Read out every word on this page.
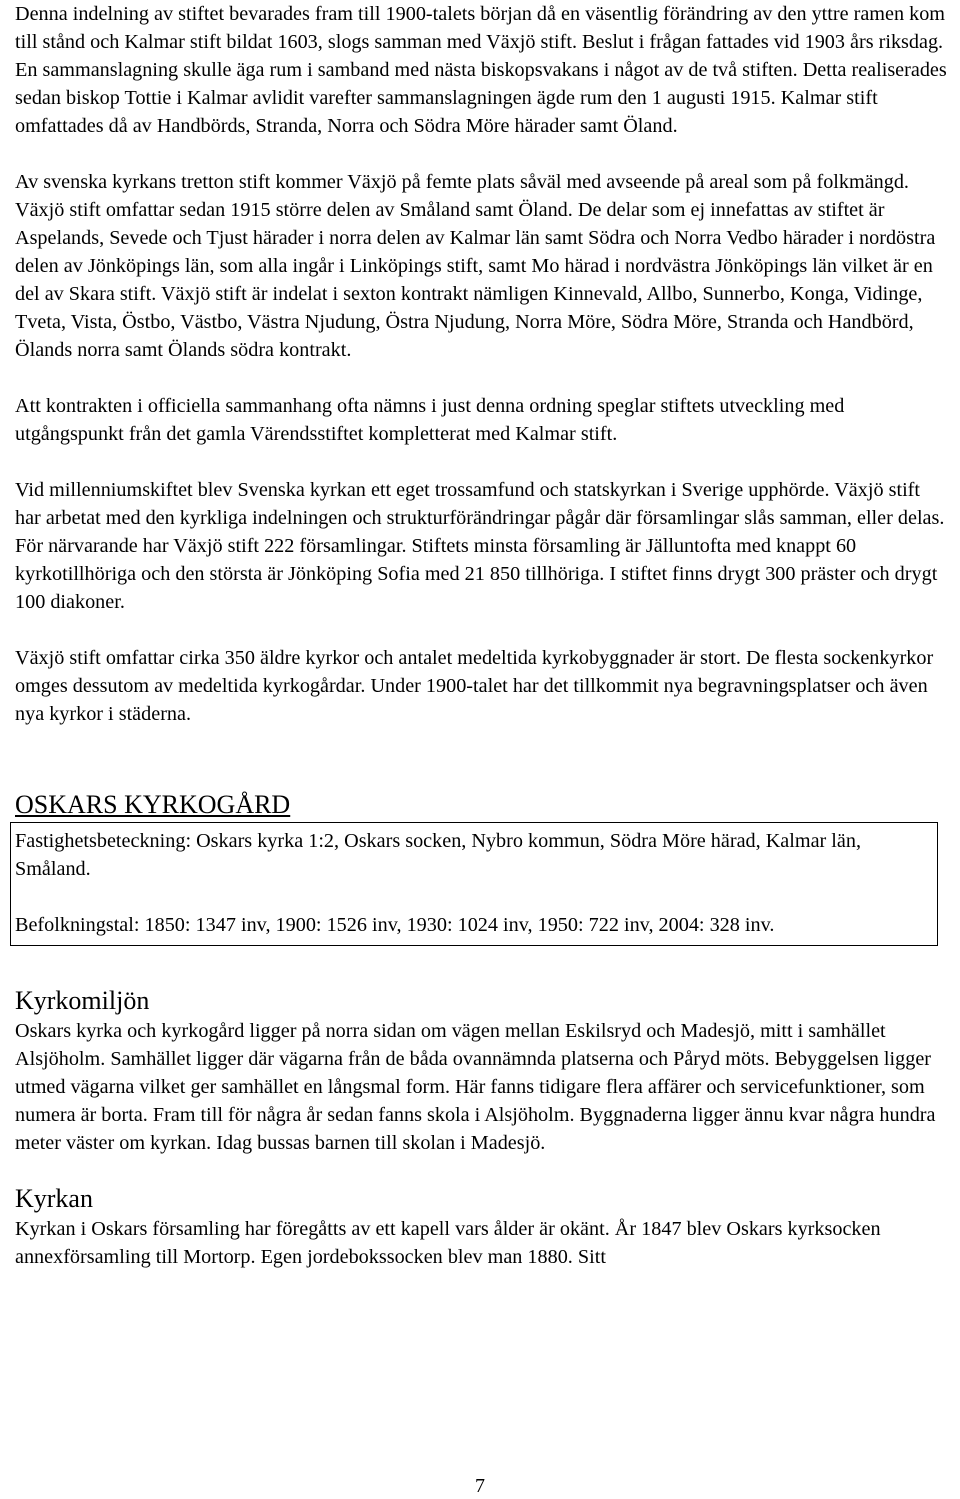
Denna indelning av stiftet bevarades fram till 1900-talets början då en väsentlig förändring av den yttre ramen kom till stånd och Kalmar stift bildat 1603, slogs samman med Växjö stift. Beslut i frågan fattades vid 1903 års riksdag. En sammanslagning skulle äga rum i samband med nästa biskopsvakans i något av de två stiften. Detta realiserades sedan biskop Tottie i Kalmar avlidit varefter sammanslagningen ägde rum den 1 augusti 1915. Kalmar stift omfattades då av Handbörds, Stranda, Norra och Södra Möre härader samt Öland.

Av svenska kyrkans tretton stift kommer Växjö på femte plats såväl med avseende på areal som på folkmängd. Växjö stift omfattar sedan 1915 större delen av Småland samt Öland. De delar som ej innefattas av stiftet är Aspelands, Sevede och Tjust härader i norra delen av Kalmar län samt Södra och Norra Vedbo härader i nordöstra delen av Jönköpings län, som alla ingår i Linköpings stift, samt Mo härad i nordvästra Jönköpings län vilket är en del av Skara stift. Växjö stift är indelat i sexton kontrakt nämligen Kinnevald, Allbo, Sunnerbo, Konga, Vidinge, Tveta, Vista, Östbo, Västbo, Västra Njudung, Östra Njudung, Norra Möre, Södra Möre, Stranda och Handbörd, Ölands norra samt Ölands södra kontrakt.

Att kontrakten i officiella sammanhang ofta nämns i just denna ordning speglar stiftets utveckling med utgångspunkt från det gamla Värendsstiftet kompletterat med Kalmar stift.

Vid millenniumskiftet blev Svenska kyrkan ett eget trossamfund och statskyrkan i Sverige upphörde. Växjö stift har arbetat med den kyrkliga indelningen och strukturförändringar pågår där församlingar slås samman, eller delas. För närvarande har Växjö stift 222 församlingar. Stiftets minsta församling är Jälluntofta med knappt 60 kyrkotillhöriga och den största är Jönköping Sofia med 21 850 tillhöriga. I stiftet finns drygt 300 präster och drygt 100 diakoner.

Växjö stift omfattar cirka 350 äldre kyrkor och antalet medeltida kyrkobyggnader är stort. De flesta sockenkyrkor omges dessutom av medeltida kyrkogårdar. Under 1900-talet har det tillkommit nya begravningsplatser och även nya kyrkor i städerna.

OSKARS KYRKOGÅRD

Fastighetsbeteckning: Oskars kyrka 1:2, Oskars socken, Nybro kommun, Södra Möre härad, Kalmar län, Småland.

Befolkningstal: 1850: 1347 inv, 1900: 1526 inv, 1930: 1024 inv, 1950: 722 inv, 2004: 328 inv.

Kyrkomiljön

Oskars kyrka och kyrkogård ligger på norra sidan om vägen mellan Eskilsryd och Madesjö, mitt i samhället Alsjöholm. Samhället ligger där vägarna från de båda ovannämnda platserna och Påryd möts. Bebyggelsen ligger utmed vägarna vilket ger samhället en långsmal form. Här fanns tidigare flera affärer och servicefunktioner, som numera är borta. Fram till för några år sedan fanns skola i Alsjöholm. Byggnaderna ligger ännu kvar några hundra meter väster om kyrkan. Idag bussas barnen till skolan i Madesjö.

Kyrkan

Kyrkan i Oskars församling har föregåtts av ett kapell vars ålder är okänt. År 1847 blev Oskars kyrksocken annexförsamling till Mortorp. Egen jordebokssocken blev man 1880. Sitt

7
